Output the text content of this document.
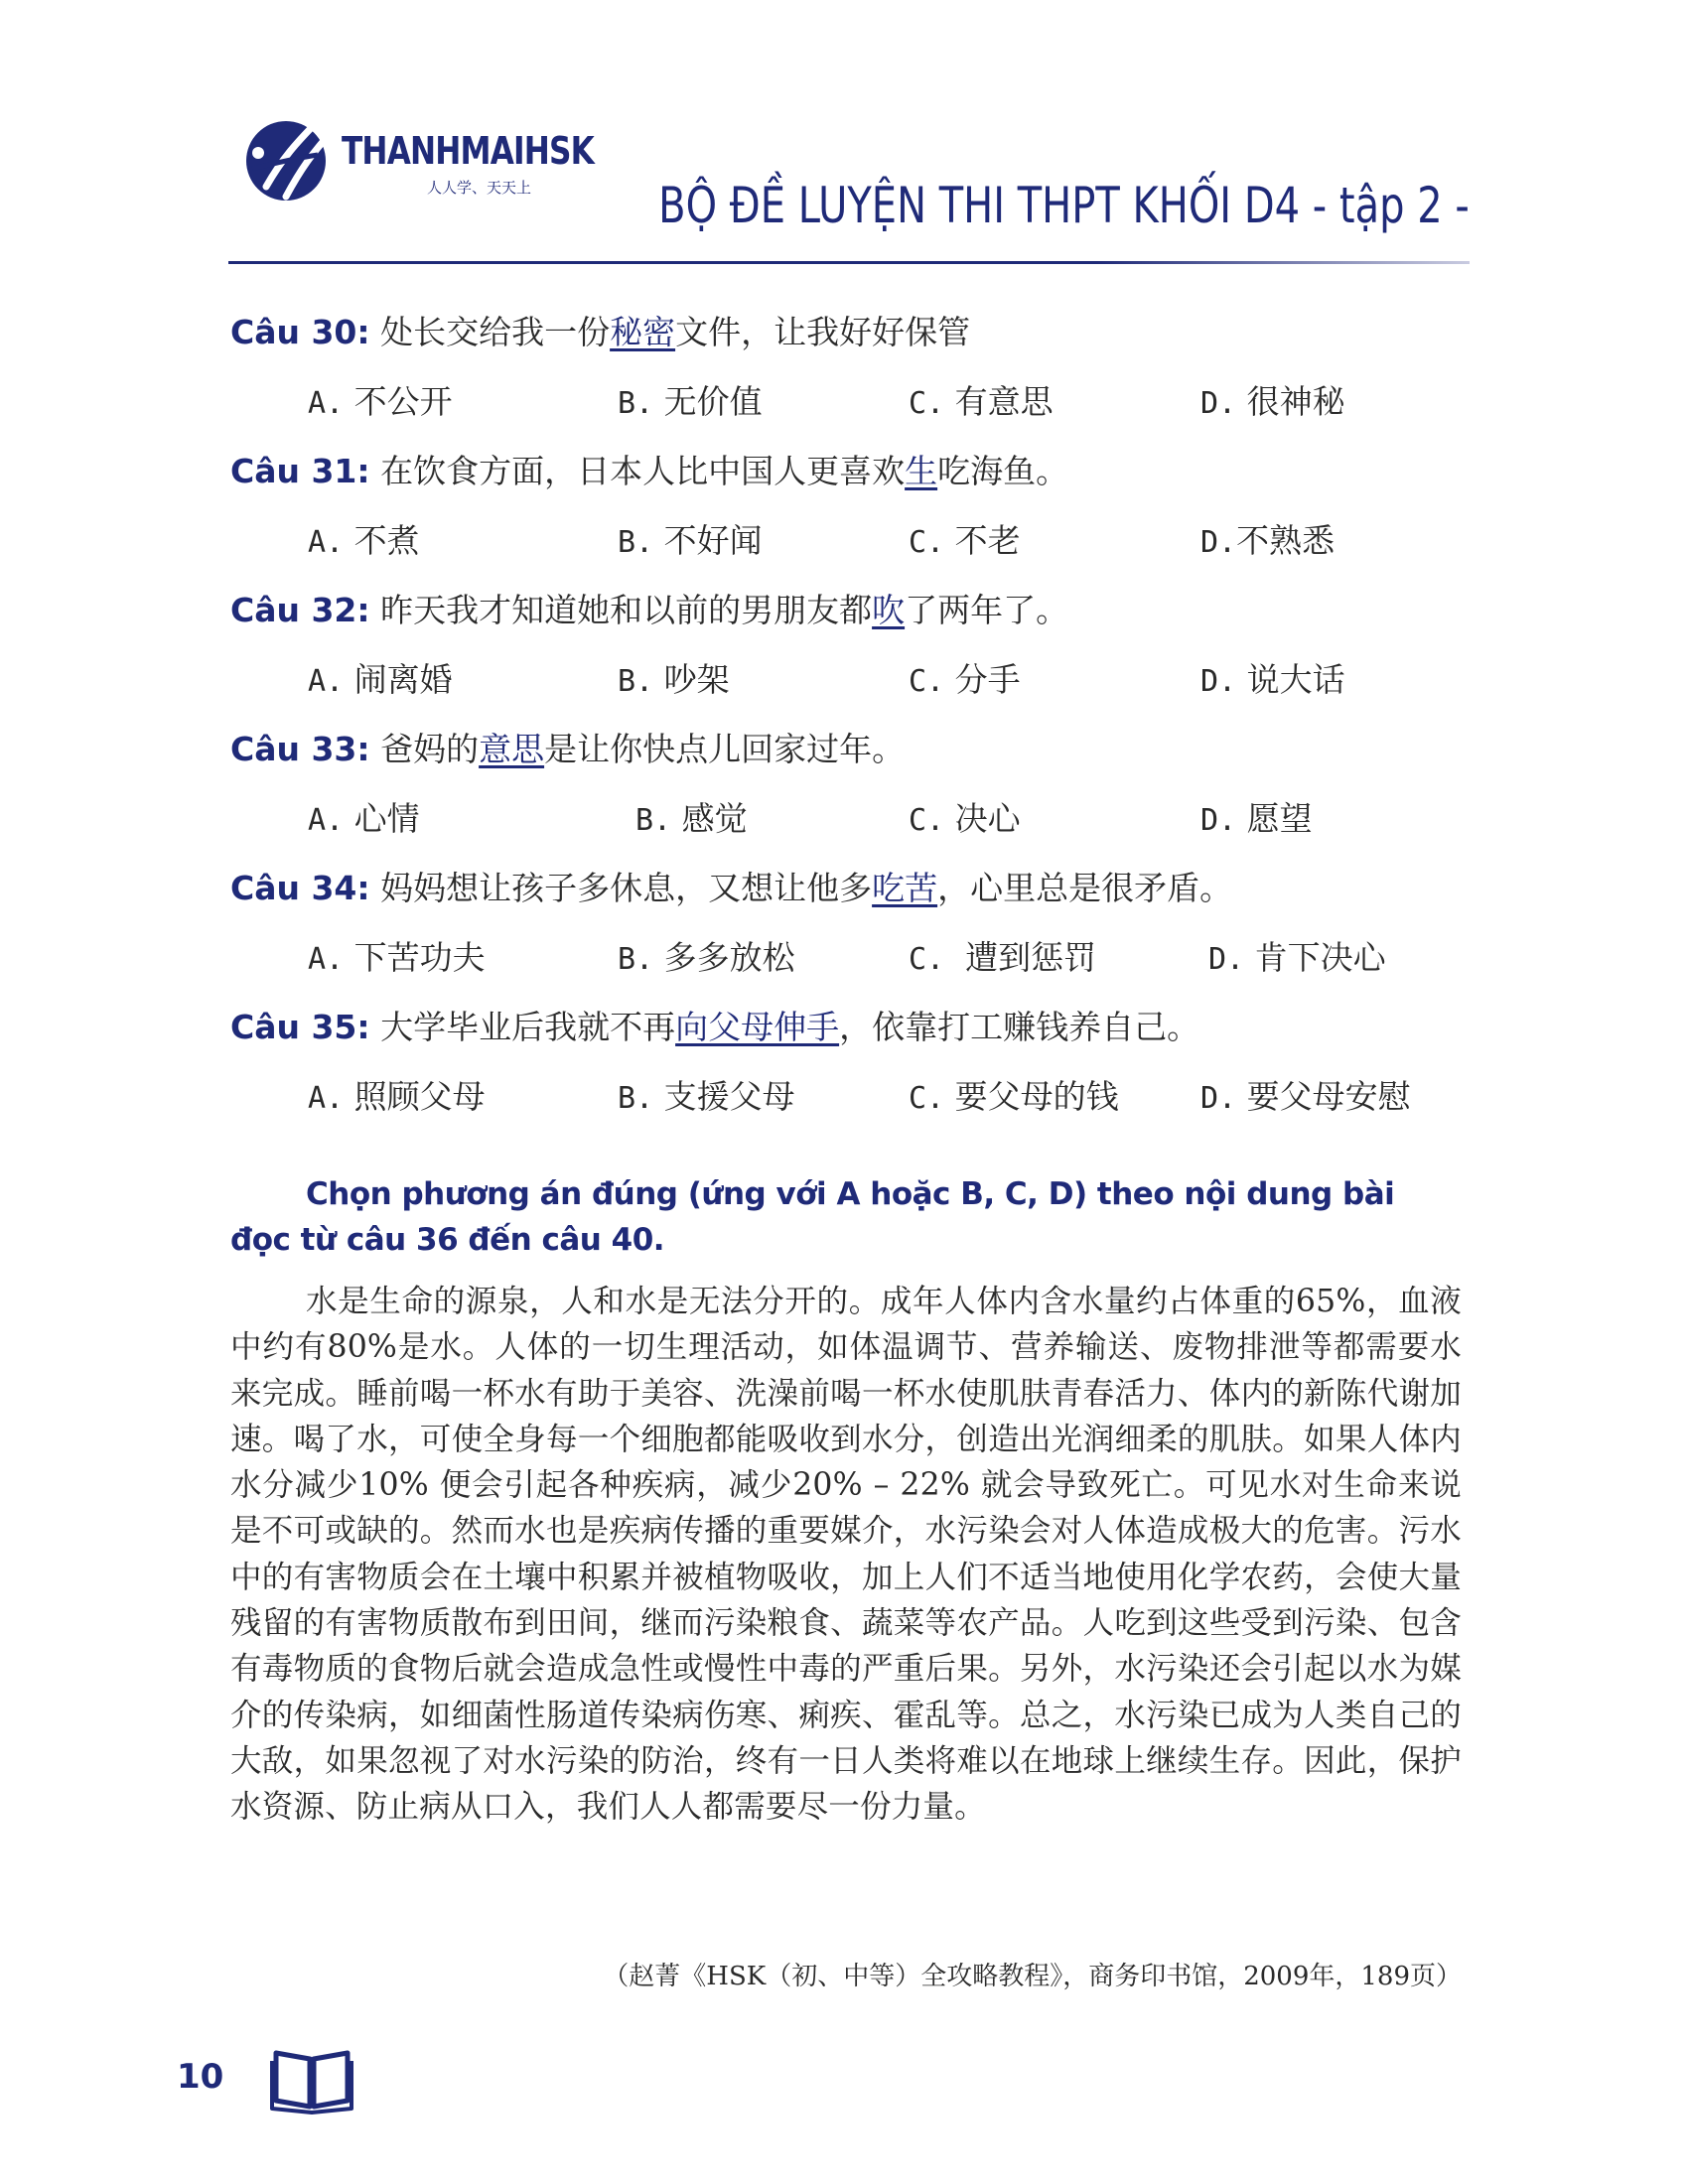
THANHMAIHSK
人人学、天天上	BỘ ĐỀ LUYỆN THI THPT KHỐI D4 - tập 2 -
Câu 30: 处长交给我一份秘密文件，让我好好保管
A. 不公开	B. 无价值	C. 有意思	D. 很神秘
Câu 31: 在饮食方面，日本人比中国人更喜欢生吃海鱼。
A. 不煮	B. 不好闻	C. 不老	D.不熟悉
Câu 32: 昨天我才知道她和以前的男朋友都吹了两年了。
A. 闹离婚	B. 吵架	C. 分手	D. 说大话
Câu 33: 爸妈的意思是让你快点儿回家过年。
A. 心情	B. 感觉	C. 决心	D. 愿望
Câu 34: 妈妈想让孩子多休息，又想让他多吃苦，心里总是很矛盾。
A. 下苦功夫	B. 多多放松	C. 遭到惩罚	D. 肯下决心
Câu 35: 大学毕业后我就不再向父母伸手，依靠打工赚钱养自己。
A. 照顾父母	B. 支援父母	C. 要父母的钱	D. 要父母安慰
Chọn phương án đúng (ứng với A hoặc B, C, D) theo nội dung bài đọc từ câu 36 đến câu 40.
水是生命的源泉，人和水是无法分开的。成年人体内含水量约占体重的65%，血液中约有80%是水。人体的一切生理活动，如体温调节、营养输送、废物排泄等都需要水来完成。睡前喝一杯水有助于美容、洗澡前喝一杯水使肌肤青春活力、体内的新陈代谢加速。喝了水，可使全身每一个细胞都能吸收到水分，创造出光润细柔的肌肤。如果人体内水分减少10% 便会引起各种疾病，减少20% – 22% 就会导致死亡。可见水对生命来说是不可或缺的。然而水也是疾病传播的重要媒介，水污染会对人体造成极大的危害。污水中的有害物质会在土壤中积累并被植物吸收，加上人们不适当地使用化学农药，会使大量残留的有害物质散布到田间，继而污染粮食、蔬菜等农产品。人吃到这些受到污染、包含有毒物质的食物后就会造成急性或慢性中毒的严重后果。另外，水污染还会引起以水为媒介的传染病，如细菌性肠道传染病伤寒、痢疾、霍乱等。总之，水污染已成为人类自己的大敌，如果忽视了对水污染的防治，终有一日人类将难以在地球上继续生存。因此，保护水资源、防止病从口入，我们人人都需要尽一份力量。
（赵菁《HSK（初、中等）全攻略教程》，商务印书馆，2009年，189页）
10
